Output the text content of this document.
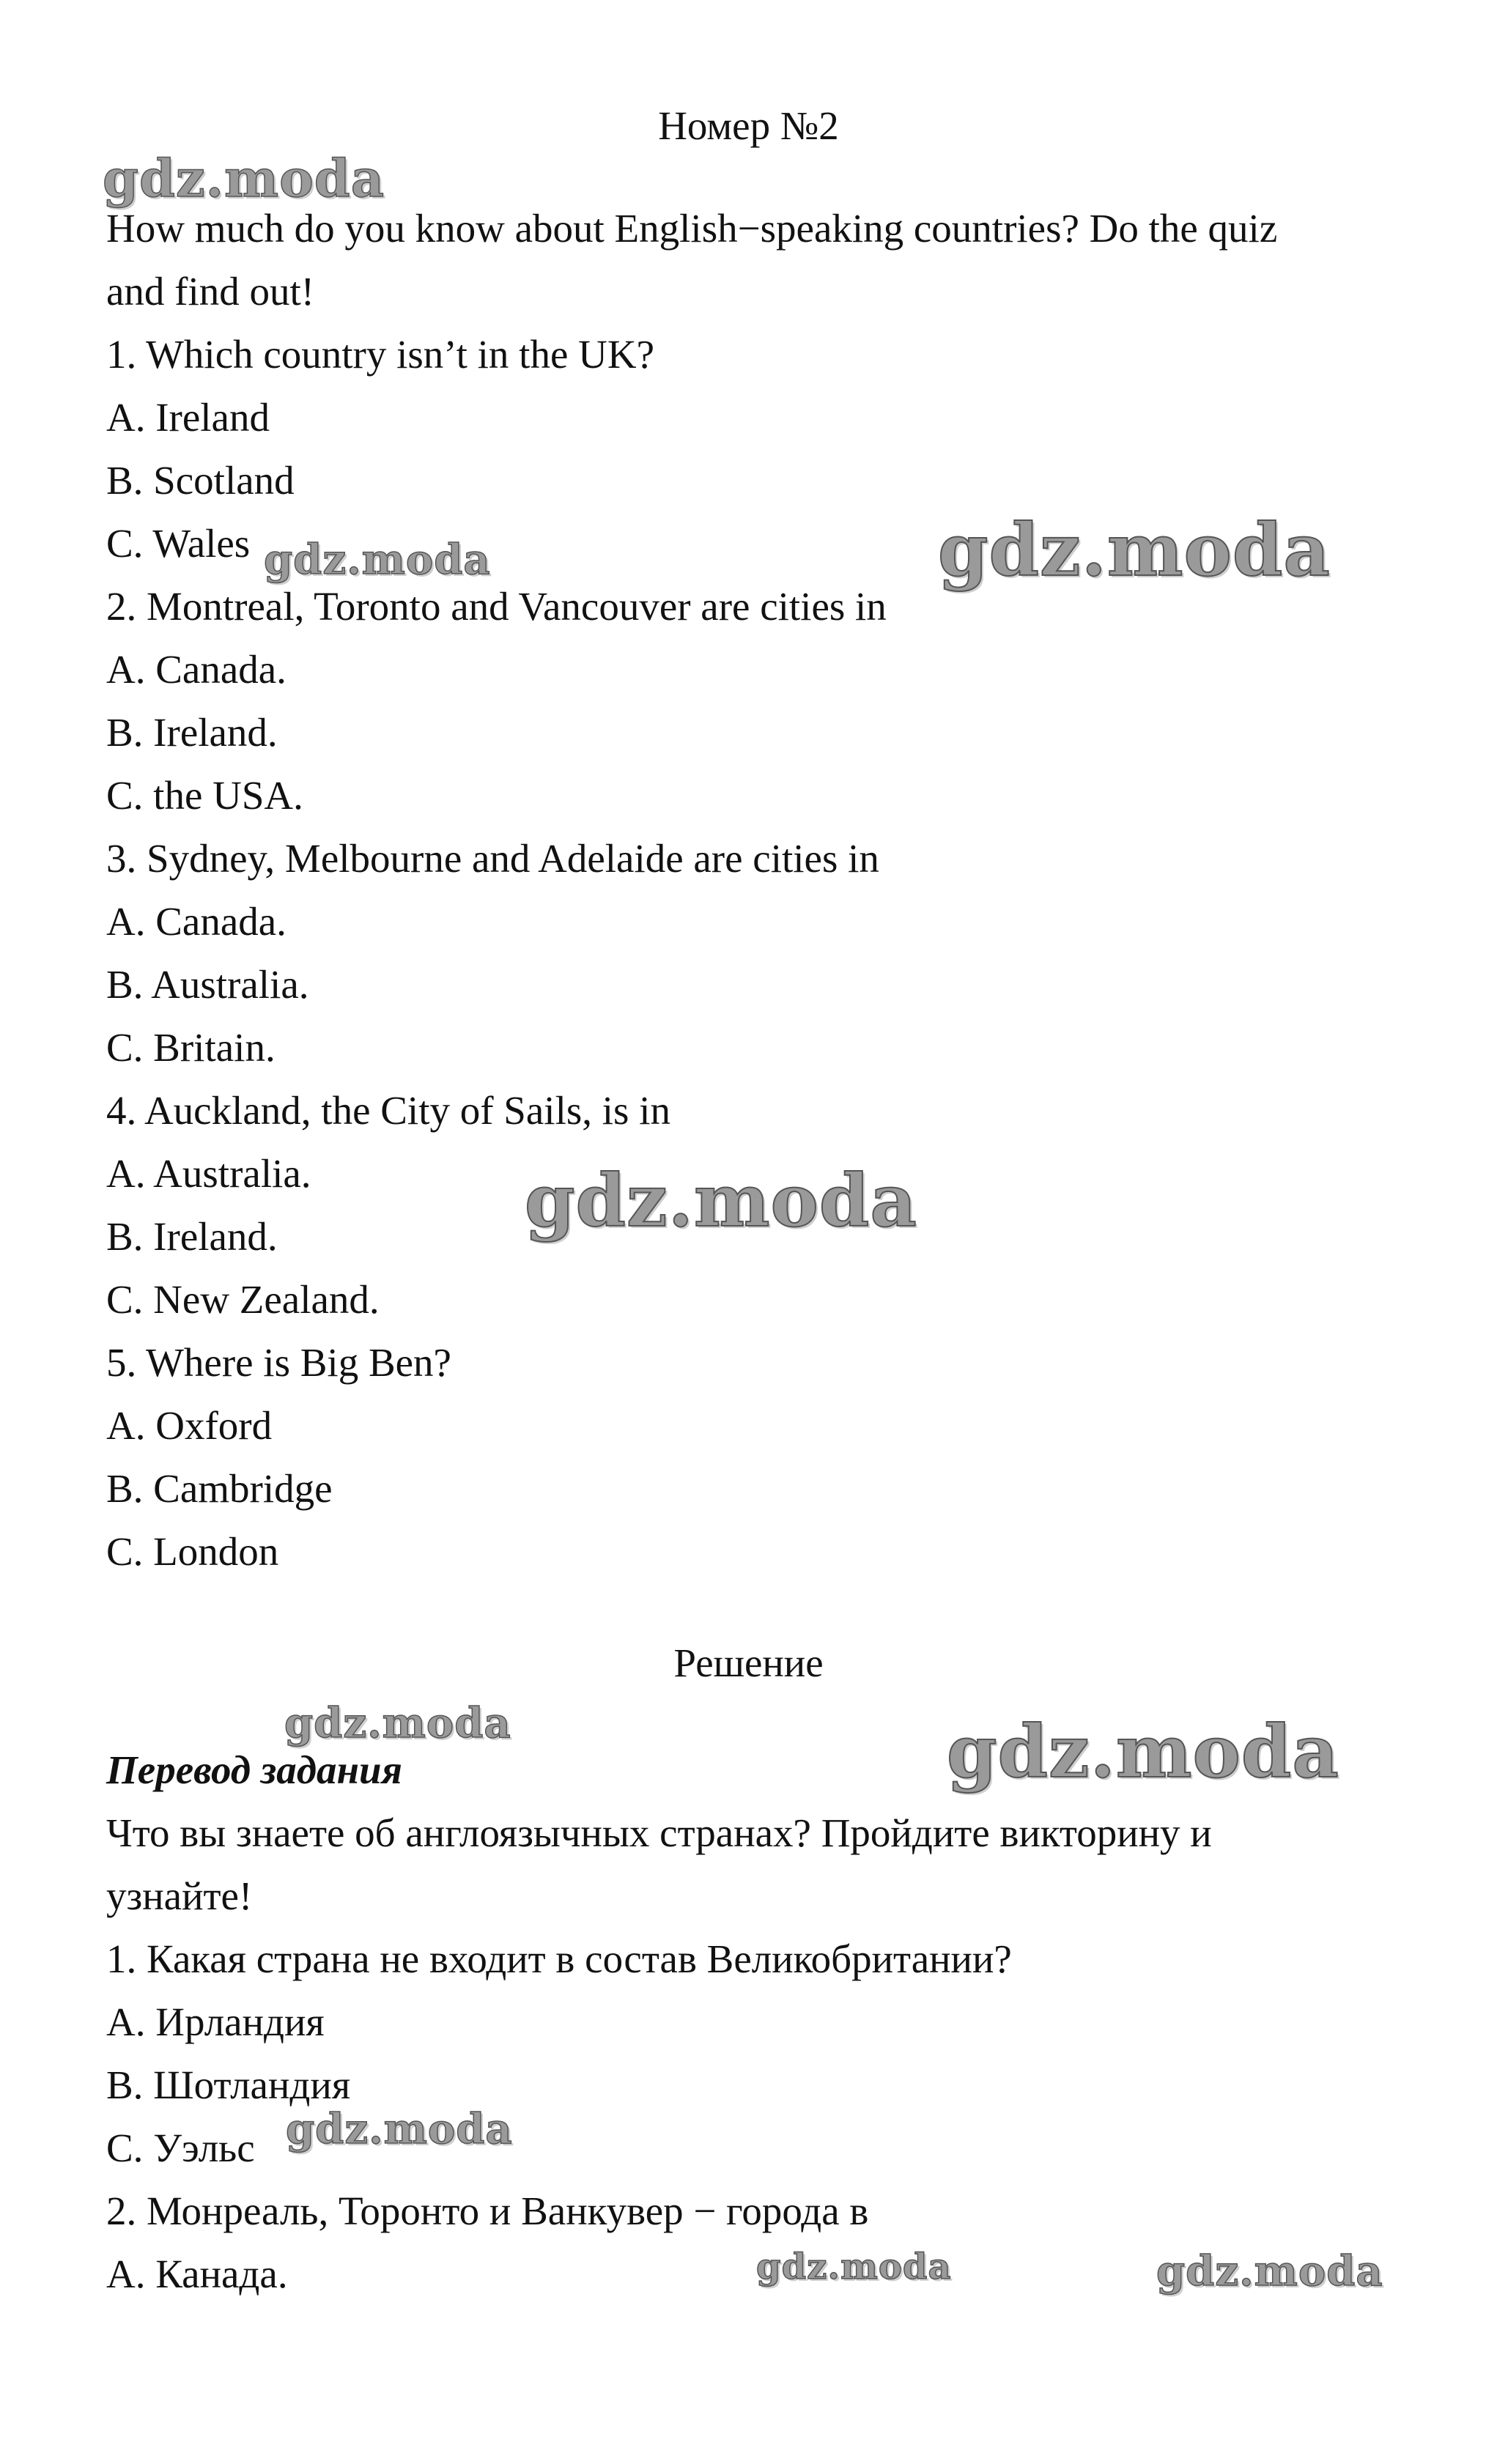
Номер №2
How much do you know about English−speaking countries? Do the quiz
and find out!
1. Which country isn’t in the UK?
A. Ireland
B. Scotland
C. Wales
2. Montreal, Toronto and Vancouver are cities in
A. Canada.
B. Ireland.
C. the USA.
3. Sydney, Melbourne and Adelaide are cities in
A. Canada.
B. Australia.
C. Britain.
4. Auckland, the City of Sails, is in
A. Australia.
B. Ireland.
C. New Zealand.
5. Where is Big Ben?
A. Oxford
B. Cambridge
C. London
Решение
Перевод задания
Что вы знаете об англоязычных странах? Пройдите викторину и
узнайте!
1. Какая страна не входит в состав Великобритании?
A. Ирландия
B. Шотландия
C. Уэльс
2. Монреаль, Торонто и Ванкувер − города в
A. Канада.
gdz.moda
gdz.moda	gdz.moda
gdz.moda
gdz.moda	gdz.moda
gdz.moda
gdz.moda	gdz.moda
